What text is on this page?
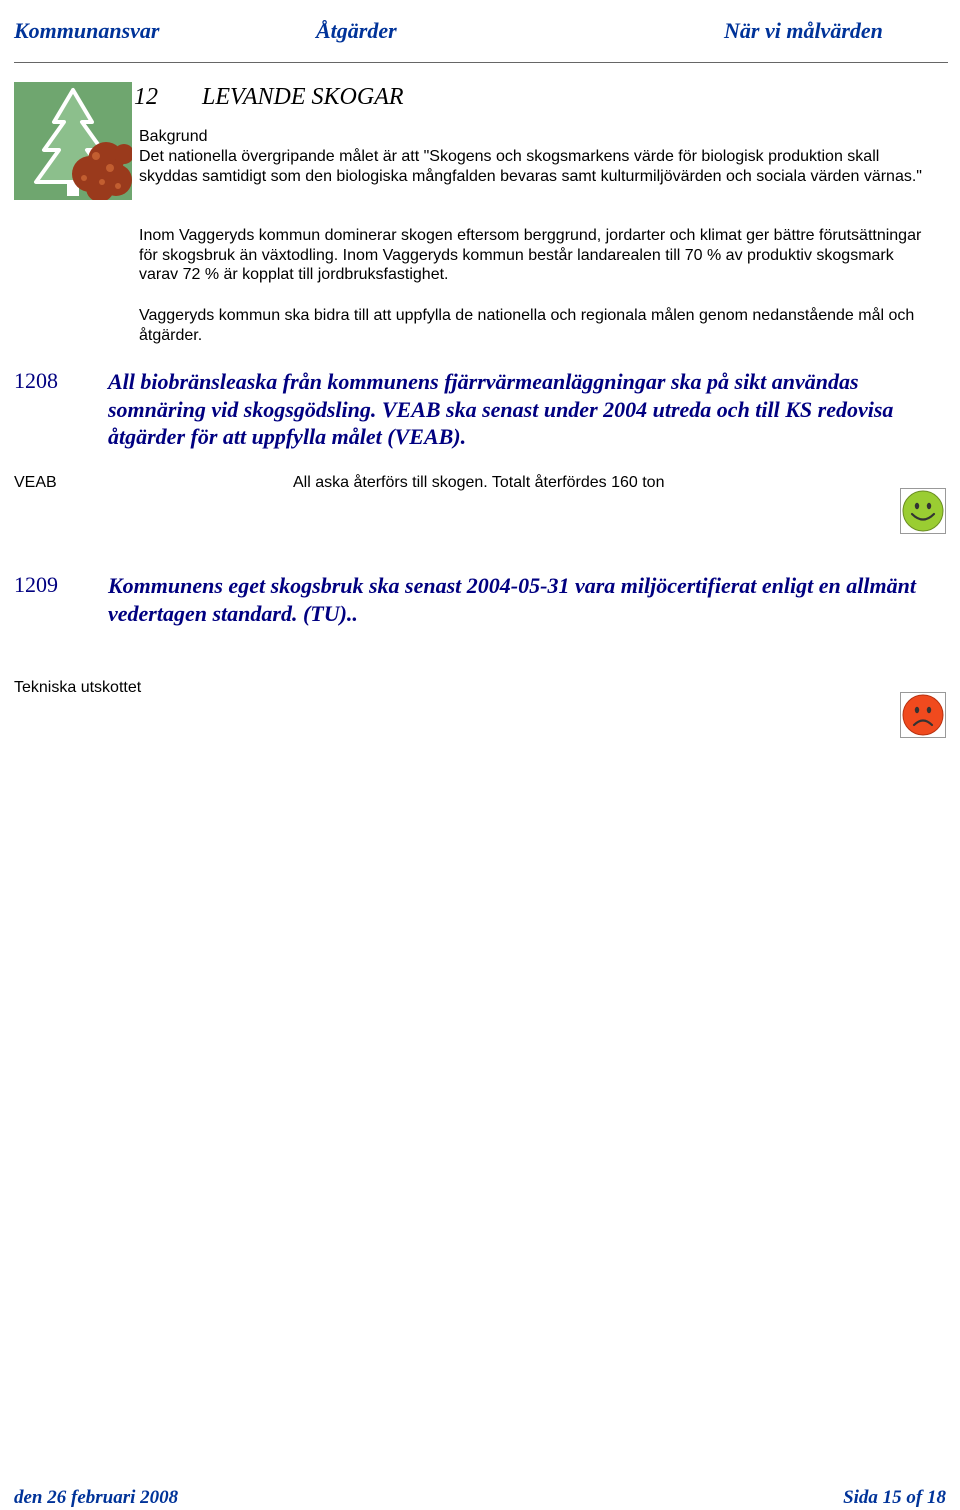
Kommunansvar	Åtgärder	När vi målvärden
12 LEVANDE SKOGAR
Bakgrund
Det nationella övergripande målet är att "Skogens och skogsmarkens värde för biologisk produktion skall skyddas samtidigt som den biologiska mångfalden bevaras samt kulturmiljövärden och sociala värden värnas."
Inom Vaggeryds kommun dominerar skogen eftersom berggrund, jordarter och klimat ger bättre förutsättningar för skogsbruk än växtodling. Inom Vaggeryds kommun består landarealen till 70 % av produktiv skogsmark varav 72 % är kopplat till jordbruksfastighet.
Vaggeryds kommun ska bidra till att uppfylla de nationella och regionala målen genom nedanstående mål och åtgärder.
1208 All biobränsleaska från kommunens fjärrvärmeanläggningar ska på sikt användas somnäring vid skogsgödsling. VEAB ska senast under 2004 utreda och till KS redovisa åtgärder för att uppfylla målet (VEAB).
VEAB	All aska återförs till skogen. Totalt återfördes 160 ton
1209 Kommunens eget skogsbruk ska senast 2004-05-31 vara miljöcertifierat enligt en allmänt vedertagen standard. (TU)..
Tekniska utskottet
den 26 februari 2008	Sida 15 of 18
